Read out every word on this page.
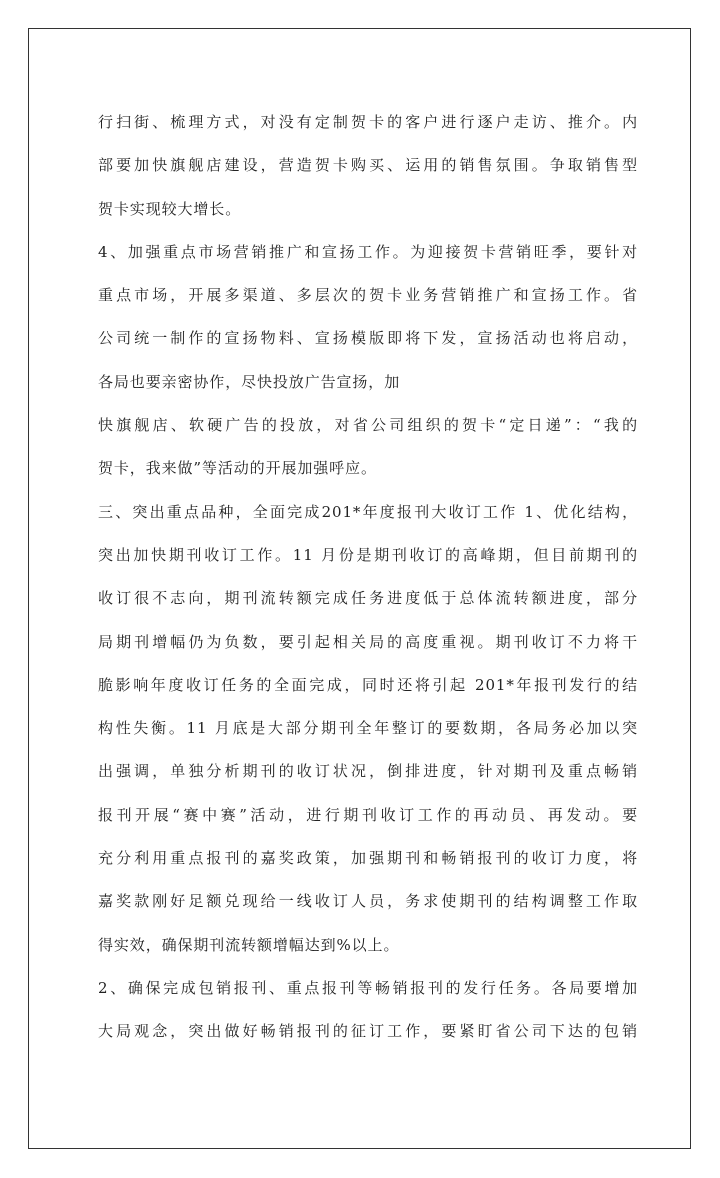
行扫街、梳理方式，对没有定制贺卡的客户进行逐户走访、推介。内
部要加快旗舰店建设，营造贺卡购买、运用的销售氛围。争取销售型
贺卡实现较大增长。
4、加强重点市场营销推广和宣扬工作。为迎接贺卡营销旺季，要针对
重点市场，开展多渠道、多层次的贺卡业务营销推广和宣扬工作。省
公司统一制作的宣扬物料、宣扬模版即将下发，宣扬活动也将启动，
各局也要亲密协作，尽快投放广告宣扬，加
快旗舰店、软硬广告的投放，对省公司组织的贺卡“定日递”：“我的
贺卡，我来做”等活动的开展加强呼应。
三、突出重点品种，全面完成201*年度报刊大收订工作 1、优化结构，
突出加快期刊收订工作。11 月份是期刊收订的高峰期，但目前期刊的
收订很不志向，期刊流转额完成任务进度低于总体流转额进度，部分
局期刊增幅仍为负数，要引起相关局的高度重视。期刊收订不力将干
脆影响年度收订任务的全面完成，同时还将引起 201*年报刊发行的结
构性失衡。11 月底是大部分期刊全年整订的要数期，各局务必加以突
出强调，单独分析期刊的收订状况，倒排进度，针对期刊及重点畅销
报刊开展“赛中赛”活动，进行期刊收订工作的再动员、再发动。要
充分利用重点报刊的嘉奖政策，加强期刊和畅销报刊的收订力度，将
嘉奖款刚好足额兑现给一线收订人员，务求使期刊的结构调整工作取
得实效，确保期刊流转额增幅达到%以上。
2、确保完成包销报刊、重点报刊等畅销报刊的发行任务。各局要增加
大局观念，突出做好畅销报刊的征订工作，要紧盯省公司下达的包销
